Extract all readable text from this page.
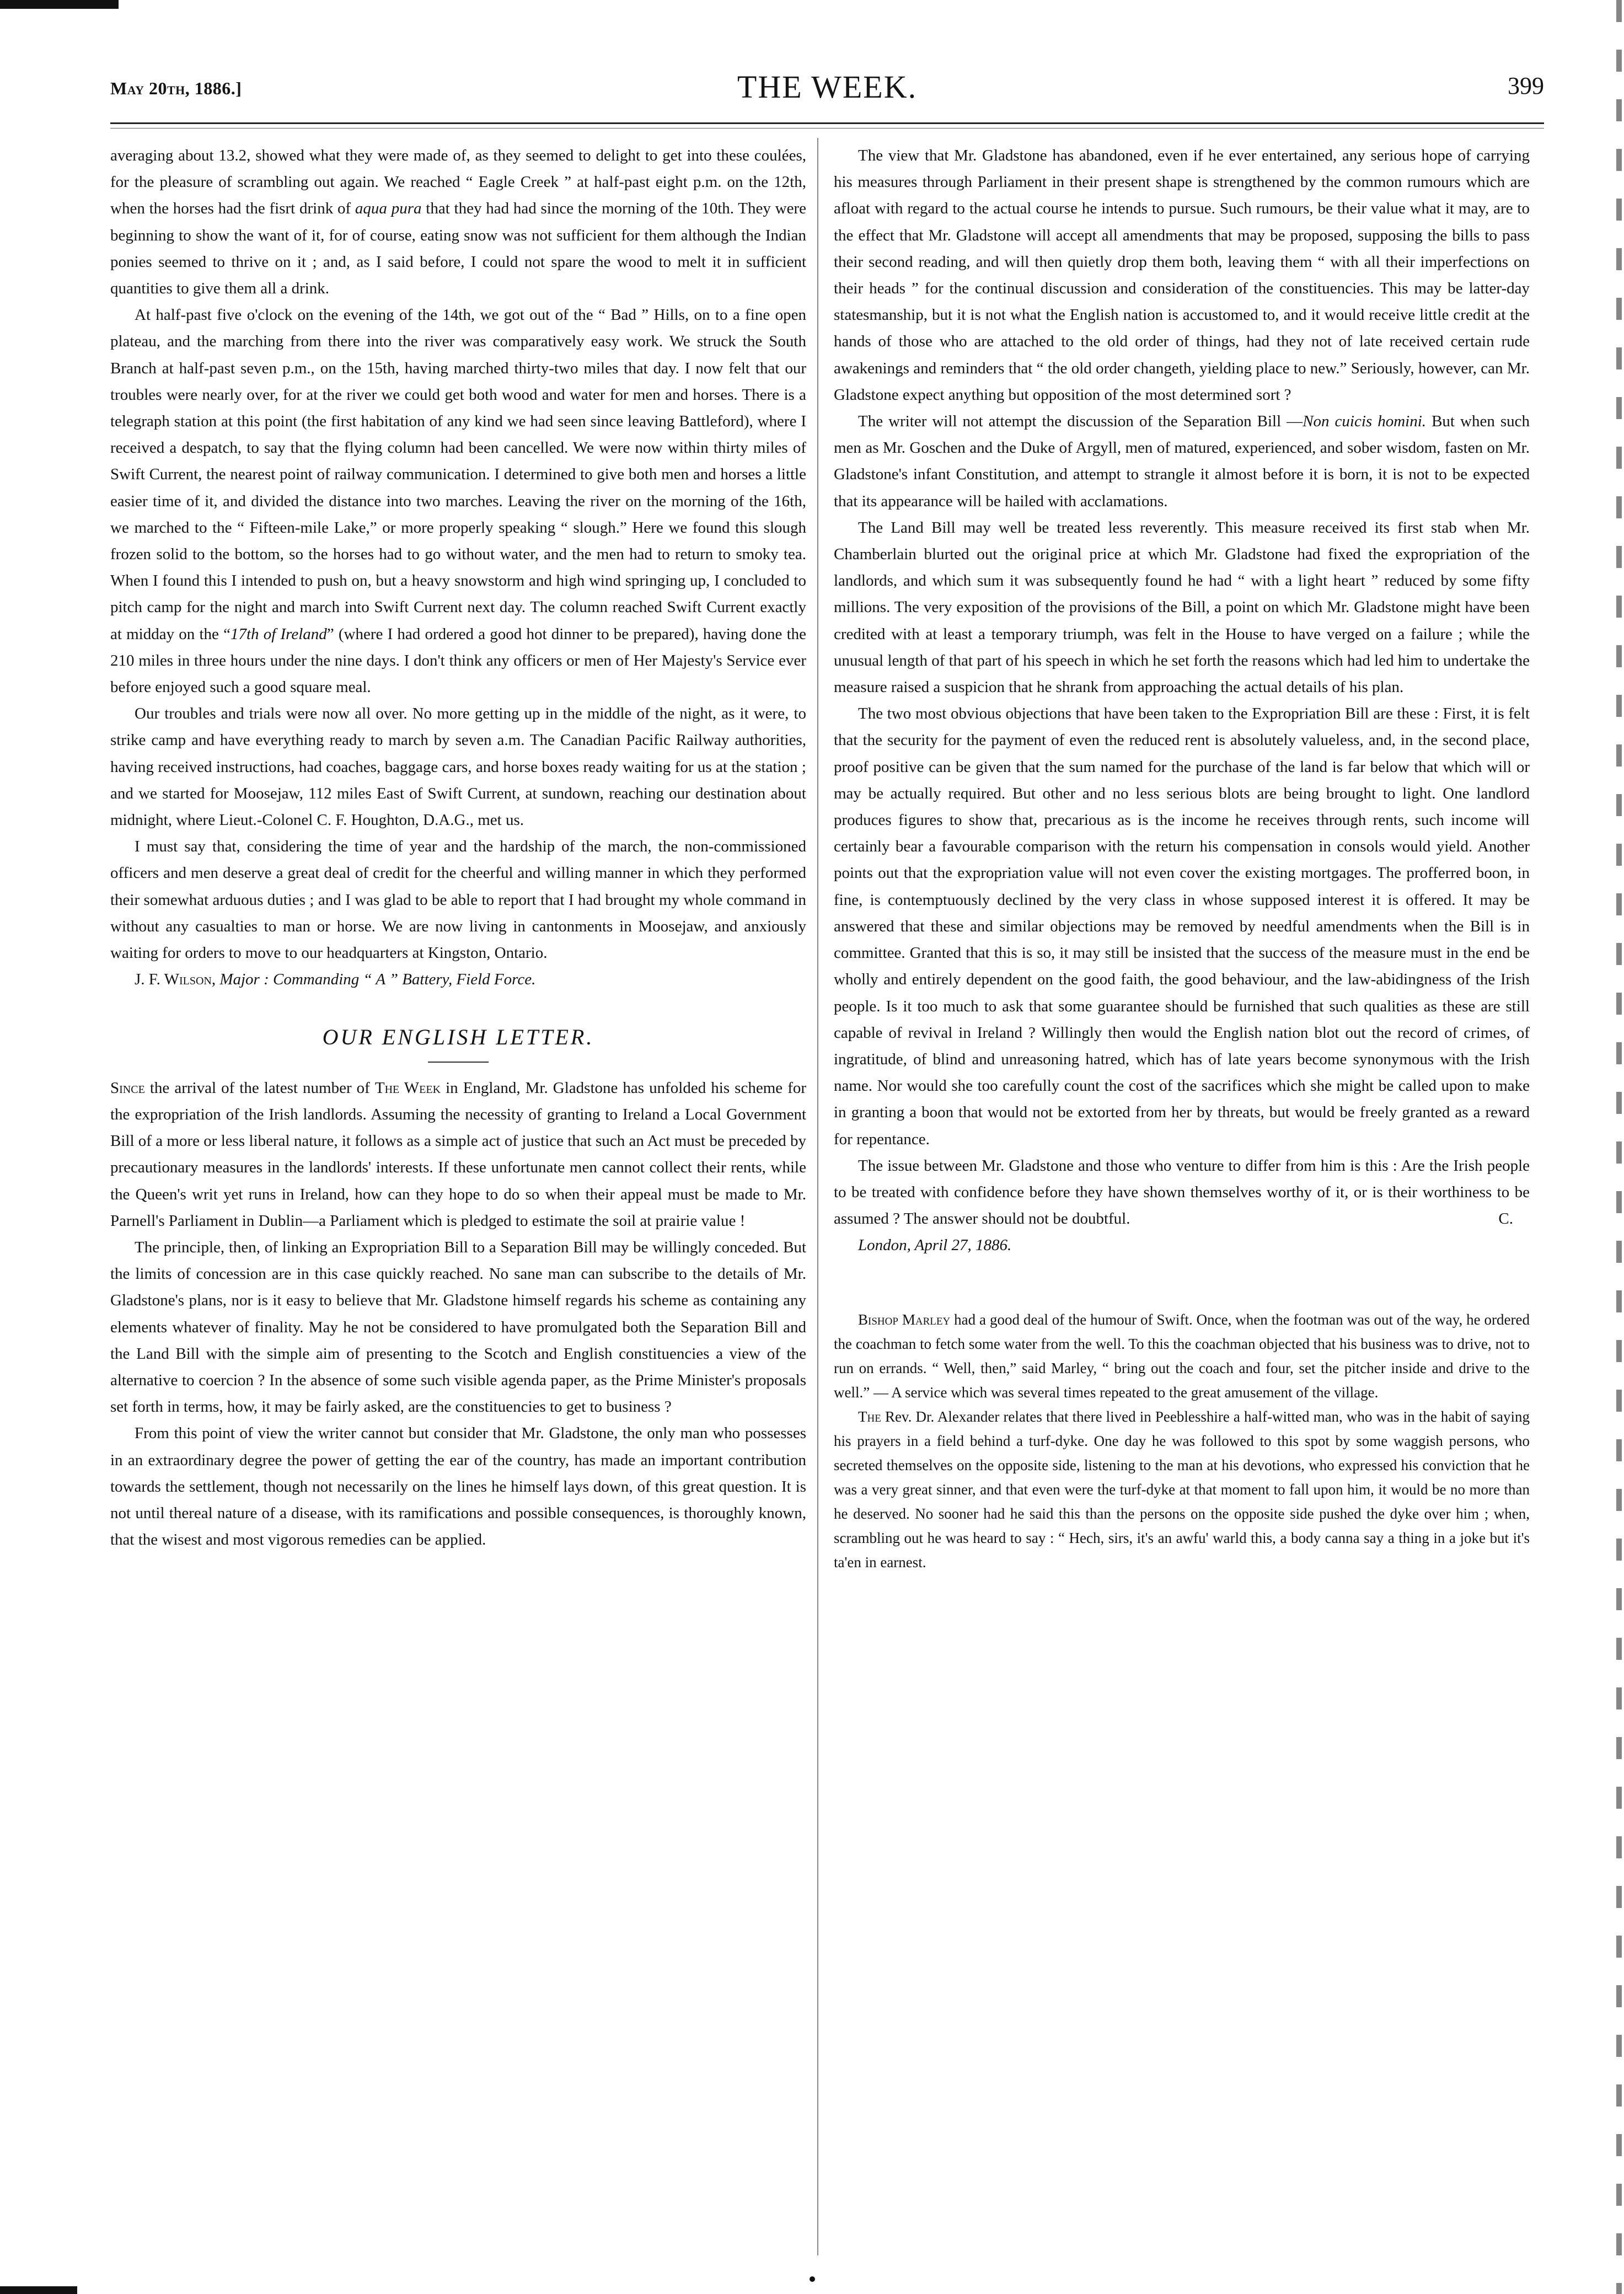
May 20th, 1886.]	THE WEEK.	399

averaging about 13.2, showed what they were made of, as they seemed to delight to get into these coulées, for the pleasure of scrambling out again. We reached “ Eagle Creek ” at half-past eight p.m. on the 12th, when the horses had the fisrt drink of aqua pura that they had had since the morning of the 10th. They were beginning to show the want of it, for of course, eating snow was not sufficient for them although the Indian ponies seemed to thrive on it ; and, as I said before, I could not spare the wood to melt it in sufficient quantities to give them all a drink.

At half-past five o'clock on the evening of the 14th, we got out of the “ Bad ” Hills, on to a fine open plateau, and the marching from there into the river was comparatively easy work. We struck the South Branch at half-past seven p.m., on the 15th, having marched thirty-two miles that day. I now felt that our troubles were nearly over, for at the river we could get both wood and water for men and horses. There is a telegraph station at this point (the first habitation of any kind we had seen since leaving Battleford), where I received a despatch, to say that the flying column had been cancelled. We were now within thirty miles of Swift Current, the nearest point of railway communication. I determined to give both men and horses a little easier time of it, and divided the distance into two marches. Leaving the river on the morning of the 16th, we marched to the “ Fifteen-mile Lake,” or more properly speaking “ slough.” Here we found this slough frozen solid to the bottom, so the horses had to go without water, and the men had to return to smoky tea. When I found this I intended to push on, but a heavy snowstorm and high wind springing up, I concluded to pitch camp for the night and march into Swift Current next day. The column reached Swift Current exactly at midday on the “17th of Ireland” (where I had ordered a good hot dinner to be prepared), having done the 210 miles in three hours under the nine days. I don't think any officers or men of Her Majesty's Service ever before enjoyed such a good square meal.

Our troubles and trials were now all over. No more getting up in the middle of the night, as it were, to strike camp and have everything ready to march by seven a.m. The Canadian Pacific Railway authorities, having received instructions, had coaches, baggage cars, and horse boxes ready waiting for us at the station ; and we started for Moosejaw, 112 miles East of Swift Current, at sundown, reaching our destination about midnight, where Lieut.-Colonel C. F. Houghton, D.A.G., met us.

I must say that, considering the time of year and the hardship of the march, the non-commissioned officers and men deserve a great deal of credit for the cheerful and willing manner in which they performed their somewhat arduous duties ; and I was glad to be able to report that I had brought my whole command in without any casualties to man or horse. We are now living in cantonments in Moosejaw, and anxiously waiting for orders to move to our headquarters at Kingston, Ontario.

J. F. Wilson, Major : Commanding “ A ” Battery, Field Force.

OUR ENGLISH LETTER.

Since the arrival of the latest number of The Week in England, Mr. Gladstone has unfolded his scheme for the expropriation of the Irish landlords. Assuming the necessity of granting to Ireland a Local Government Bill of a more or less liberal nature, it follows as a simple act of justice that such an Act must be preceded by precautionary measures in the landlords' interests. If these unfortunate men cannot collect their rents, while the Queen's writ yet runs in Ireland, how can they hope to do so when their appeal must be made to Mr. Parnell's Parliament in Dublin—a Parliament which is pledged to estimate the soil at prairie value !

The principle, then, of linking an Expropriation Bill to a Separation Bill may be willingly conceded. But the limits of concession are in this case quickly reached. No sane man can subscribe to the details of Mr. Gladstone's plans, nor is it easy to believe that Mr. Gladstone himself regards his scheme as containing any elements whatever of finality. May he not be considered to have promulgated both the Separation Bill and the Land Bill with the simple aim of presenting to the Scotch and English constituencies a view of the alternative to coercion ? In the absence of some such visible agenda paper, as the Prime Minister's proposals set forth in terms, how, it may be fairly asked, are the constituencies to get to business ?

From this point of view the writer cannot but consider that Mr. Gladstone, the only man who possesses in an extraordinary degree the power of getting the ear of the country, has made an important contribution towards the settlement, though not necessarily on the lines he himself lays down, of this great question. It is not until thereal nature of a disease, with its ramifications and possible consequences, is thoroughly known, that the wisest and most vigorous remedies can be applied.

The view that Mr. Gladstone has abandoned, even if he ever entertained, any serious hope of carrying his measures through Parliament in their present shape is strengthened by the common rumours which are afloat with regard to the actual course he intends to pursue. Such rumours, be their value what it may, are to the effect that Mr. Gladstone will accept all amendments that may be proposed, supposing the bills to pass their second reading, and will then quietly drop them both, leaving them “ with all their imperfections on their heads ” for the continual discussion and consideration of the constituencies. This may be latter-day statesmanship, but it is not what the English nation is accustomed to, and it would receive little credit at the hands of those who are attached to the old order of things, had they not of late received certain rude awakenings and reminders that “ the old order changeth, yielding place to new.” Seriously, however, can Mr. Gladstone expect anything but opposition of the most determined sort ?

The writer will not attempt the discussion of the Separation Bill —Non cuicis homini. But when such men as Mr. Goschen and the Duke of Argyll, men of matured, experienced, and sober wisdom, fasten on Mr. Gladstone's infant Constitution, and attempt to strangle it almost before it is born, it is not to be expected that its appearance will be hailed with acclamations.

The Land Bill may well be treated less reverently. This measure received its first stab when Mr. Chamberlain blurted out the original price at which Mr. Gladstone had fixed the expropriation of the landlords, and which sum it was subsequently found he had “ with a light heart ” reduced by some fifty millions. The very exposition of the provisions of the Bill, a point on which Mr. Gladstone might have been credited with at least a temporary triumph, was felt in the House to have verged on a failure ; while the unusual length of that part of his speech in which he set forth the reasons which had led him to undertake the measure raised a suspicion that he shrank from approaching the actual details of his plan.

The two most obvious objections that have been taken to the Expropriation Bill are these : First, it is felt that the security for the payment of even the reduced rent is absolutely valueless, and, in the second place, proof positive can be given that the sum named for the purchase of the land is far below that which will or may be actually required. But other and no less serious blots are being brought to light. One landlord produces figures to show that, precarious as is the income he receives through rents, such income will certainly bear a favourable comparison with the return his compensation in consols would yield. Another points out that the expropriation value will not even cover the existing mortgages. The profferred boon, in fine, is contemptuously declined by the very class in whose supposed interest it is offered. It may be answered that these and similar objections may be removed by needful amendments when the Bill is in committee. Granted that this is so, it may still be insisted that the success of the measure must in the end be wholly and entirely dependent on the good faith, the good behaviour, and the law-abidingness of the Irish people. Is it too much to ask that some guarantee should be furnished that such qualities as these are still capable of revival in Ireland ? Willingly then would the English nation blot out the record of crimes, of ingratitude, of blind and unreasoning hatred, which has of late years become synonymous with the Irish name. Nor would she too carefully count the cost of the sacrifices which she might be called upon to make in granting a boon that would not be extorted from her by threats, but would be freely granted as a reward for repentance.

The issue between Mr. Gladstone and those who venture to differ from him is this : Are the Irish people to be treated with confidence before they have shown themselves worthy of it, or is their worthiness to be assumed ? The answer should not be doubtful.	C.

London, April 27, 1886.

Bishop Marley had a good deal of the humour of Swift. Once, when the footman was out of the way, he ordered the coachman to fetch some water from the well. To this the coachman objected that his business was to drive, not to run on errands. “ Well, then,” said Marley, “ bring out the coach and four, set the pitcher inside and drive to the well.” — A service which was several times repeated to the great amusement of the village.

The Rev. Dr. Alexander relates that there lived in Peeblesshire a half-witted man, who was in the habit of saying his prayers in a field behind a turf-dyke. One day he was followed to this spot by some waggish persons, who secreted themselves on the opposite side, listening to the man at his devotions, who expressed his conviction that he was a very great sinner, and that even were the turf-dyke at that moment to fall upon him, it would be no more than he deserved. No sooner had he said this than the persons on the opposite side pushed the dyke over him ; when, scrambling out he was heard to say : “ Hech, sirs, it's an awfu' warld this, a body canna say a thing in a joke but it's ta'en in earnest.
